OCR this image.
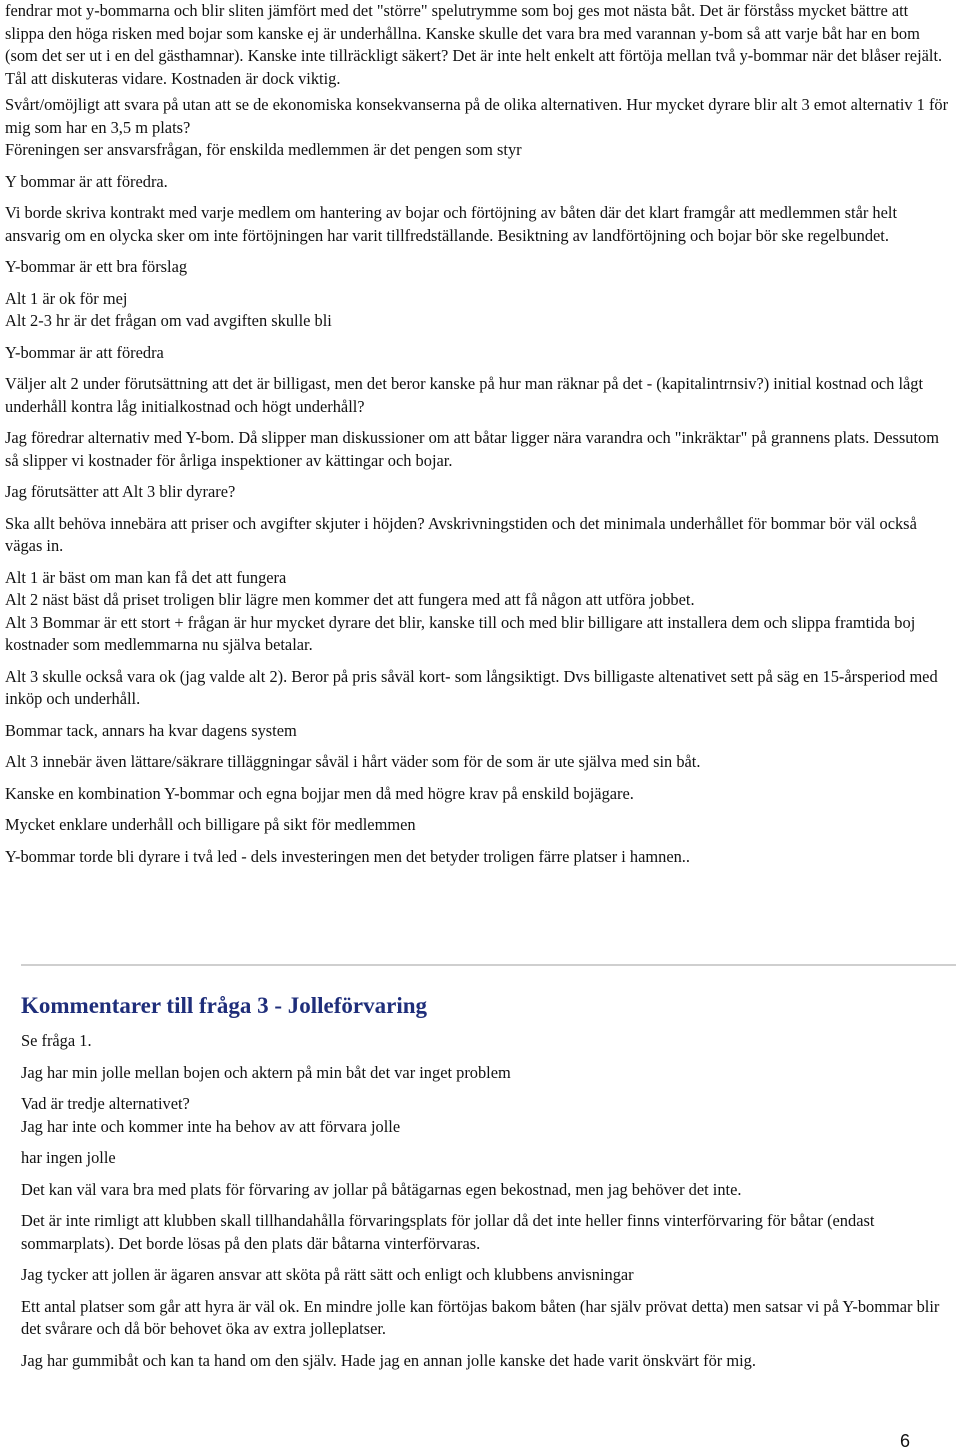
fendrar mot y-bommarna och blir sliten jämfört med det "större" spelutrymme som boj ges mot nästa båt. Det är förståss mycket bättre att slippa den höga risken med bojar som kanske ej är underhållna. Kanske skulle det vara bra med varannan y-bom så att varje båt har en bom (som det ser ut i en del gästhamnar). Kanske inte tillräckligt säkert? Det är inte helt enkelt att förtöja mellan två y-bommar när det blåser rejält. Tål att diskuteras vidare. Kostnaden är dock viktig.

Svårt/omöjligt att svara på utan att se de ekonomiska konsekvanserna på de olika alternativen. Hur mycket dyrare blir alt 3 emot alternativ 1 för mig som har en 3,5 m plats?

Föreningen ser ansvarsfrågan, för enskilda medlemmen är det pengen som styr

Y bommar är att föredra.

Vi borde skriva kontrakt med varje medlem om hantering av bojar och förtöjning av båten där det klart framgår att medlemmen står helt ansvarig om en olycka sker om inte förtöjningen har varit tillfredställande. Besiktning av landförtöjning och bojar bör ske regelbundet.

Y-bommar är ett bra förslag

Alt 1 är ok för mej

Alt 2-3 hr är det frågan om vad avgiften skulle bli

Y-bommar är att föredra

Väljer alt 2 under förutsättning att det är billigast, men det beror kanske på hur man räknar på det - (kapitalintrnsiv?) initial kostnad och lågt underhåll kontra låg initialkostnad och högt underhåll?

Jag föredrar alternativ med Y-bom. Då slipper man diskussioner om att båtar ligger nära varandra och "inkräktar" på grannens plats. Dessutom så slipper vi kostnader för årliga inspektioner av kättingar och bojar.

Jag förutsätter att Alt 3 blir dyrare?

Ska allt behöva innebära att priser och avgifter skjuter i höjden? Avskrivningstiden och det minimala underhållet för bommar bör väl också vägas in.

Alt 1 är bäst om man kan få det att fungera

Alt 2 näst bäst då priset troligen blir lägre men kommer det att fungera med att få någon att utföra jobbet.

Alt 3 Bommar är ett stort + frågan är hur mycket dyrare det blir, kanske till och med blir billigare att installera dem och slippa framtida boj kostnader som medlemmarna nu själva betalar.

Alt 3 skulle också vara ok (jag valde alt 2). Beror på pris såväl kort- som långsiktigt. Dvs billigaste altenativet sett på säg en 15-årsperiod med inköp och underhåll.

Bommar tack, annars ha kvar dagens system

Alt 3 innebär även lättare/säkrare tilläggningar såväl i hårt väder som för de som är ute själva med sin båt.

Kanske en kombination Y-bommar och egna bojjar men då med högre krav på enskild bojägare.

Mycket enklare underhåll och billigare på sikt för medlemmen

Y-bommar torde bli dyrare i två led - dels investeringen men det betyder troligen färre platser i hamnen..

Kommentarer till fråga 3 - Jolleförvaring

Se fråga 1.

Jag har min jolle mellan bojen och aktern på min båt det var inget problem

Vad är tredje alternativet?

Jag har inte och kommer inte ha behov av att förvara jolle

har ingen jolle

Det kan väl vara bra med plats för förvaring av jollar på båtägarnas egen bekostnad, men jag behöver det inte.

Det är inte rimligt att klubben skall tillhandahålla förvaringsplats för jollar då det inte heller finns vinterförvaring för båtar (endast sommarplats). Det borde lösas på den plats där båtarna vinterförvaras.

Jag tycker att jollen är ägaren ansvar att sköta på rätt sätt och enligt och klubbens anvisningar

Ett antal platser som går att hyra är väl ok. En mindre jolle kan förtöjas bakom båten (har själv prövat detta) men satsar vi på Y-bommar blir det svårare och då bör behovet öka av extra jolleplatser.

Jag har gummibåt och kan ta hand om den själv. Hade jag en annan jolle kanske det hade varit önskvärt för mig.

6
